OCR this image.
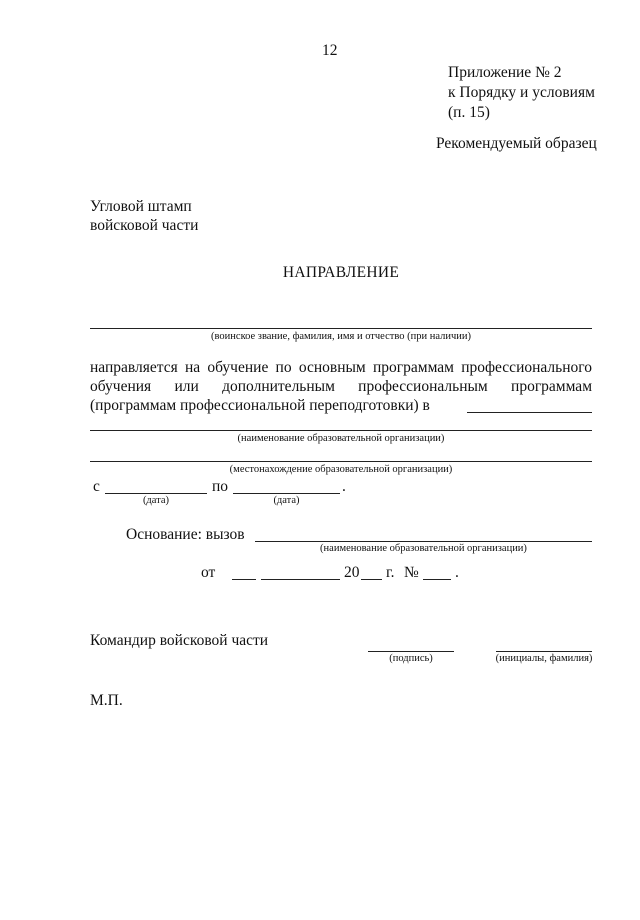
12
Приложение № 2
к Порядку и условиям
(п. 15)
Рекомендуемый образец
Угловой штамп
войсковой части
НАПРАВЛЕНИЕ
(воинское звание, фамилия, имя и отчество (при наличии)
направляется на обучение по основным программам профессионального
обучения или дополнительным профессиональным программам
(программам профессиональной переподготовки) в
(наименование образовательной организации)
(местонахождение образовательной организации)
с
(дата)
по
(дата)
.
Основание: вызов
(наименование образовательной организации)
от	20 г. № .
Командир войсковой части
(подпись)	(инициалы, фамилия)
М.П.
